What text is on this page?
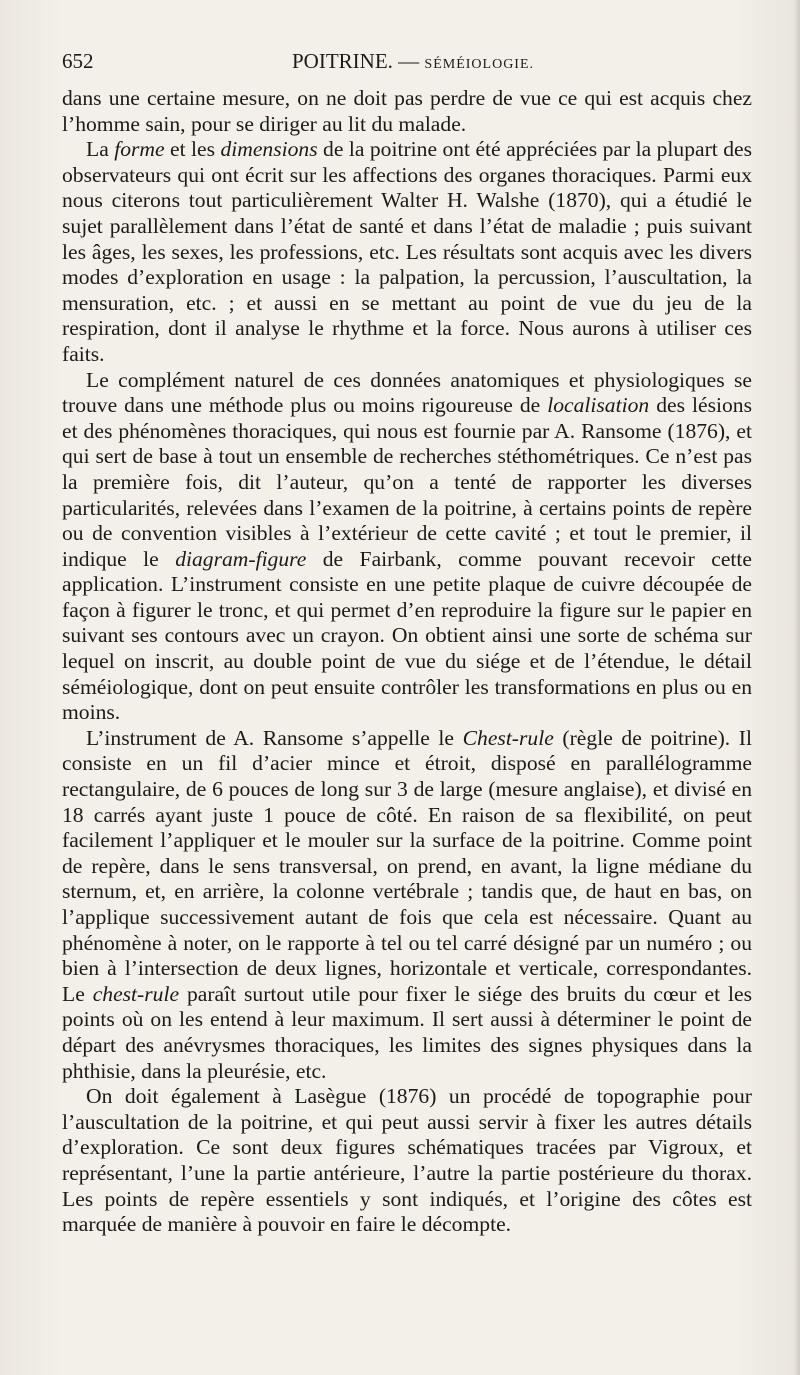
652	POITRINE. — SÉMÉIOLOGIE.

dans une certaine mesure, on ne doit pas perdre de vue ce qui est acquis chez l’homme sain, pour se diriger au lit du malade.

La forme et les dimensions de la poitrine ont été appréciées par la plupart des observateurs qui ont écrit sur les affections des organes thoraciques. Parmi eux nous citerons tout particulièrement Walter H. Walshe (1870), qui a étudié le sujet parallèlement dans l’état de santé et dans l’état de maladie ; puis suivant les âges, les sexes, les professions, etc. Les résultats sont acquis avec les divers modes d’exploration en usage : la palpation, la percussion, l’auscultation, la mensuration, etc. ; et aussi en se mettant au point de vue du jeu de la respiration, dont il analyse le rhythme et la force. Nous aurons à utiliser ces faits.

Le complément naturel de ces données anatomiques et physiologiques se trouve dans une méthode plus ou moins rigoureuse de localisation des lésions et des phénomènes thoraciques, qui nous est fournie par A. Ransome (1876), et qui sert de base à tout un ensemble de recherches stéthométriques. Ce n’est pas la première fois, dit l’auteur, qu’on a tenté de rapporter les diverses particularités, relevées dans l’examen de la poitrine, à certains points de repère ou de convention visibles à l’extérieur de cette cavité ; et tout le premier, il indique le diagram-figure de Fairbank, comme pouvant recevoir cette application. L’instrument consiste en une petite plaque de cuivre découpée de façon à figurer le tronc, et qui permet d’en reproduire la figure sur le papier en suivant ses contours avec un crayon. On obtient ainsi une sorte de schéma sur lequel on inscrit, au double point de vue du siége et de l’étendue, le détail séméiologique, dont on peut ensuite contrôler les transformations en plus ou en moins.

L’instrument de A. Ransome s’appelle le Chest-rule (règle de poitrine). Il consiste en un fil d’acier mince et étroit, disposé en parallélogramme rectangulaire, de 6 pouces de long sur 3 de large (mesure anglaise), et divisé en 18 carrés ayant juste 1 pouce de côté. En raison de sa flexibilité, on peut facilement l’appliquer et le mouler sur la surface de la poitrine. Comme point de repère, dans le sens transversal, on prend, en avant, la ligne médiane du sternum, et, en arrière, la colonne vertébrale ; tandis que, de haut en bas, on l’applique successivement autant de fois que cela est nécessaire. Quant au phénomène à noter, on le rapporte à tel ou tel carré désigné par un numéro ; ou bien à l’intersection de deux lignes, horizontale et verticale, correspondantes. Le chest-rule paraît surtout utile pour fixer le siége des bruits du cœur et les points où on les entend à leur maximum. Il sert aussi à déterminer le point de départ des anévrysmes thoraciques, les limites des signes physiques dans la phthisie, dans la pleurésie, etc.

On doit également à Lasègue (1876) un procédé de topographie pour l’auscultation de la poitrine, et qui peut aussi servir à fixer les autres détails d’exploration. Ce sont deux figures schématiques tracées par Vigroux, et représentant, l’une la partie antérieure, l’autre la partie postérieure du thorax. Les points de repère essentiels y sont indiqués, et l’origine des côtes est marquée de manière à pouvoir en faire le décompte.
